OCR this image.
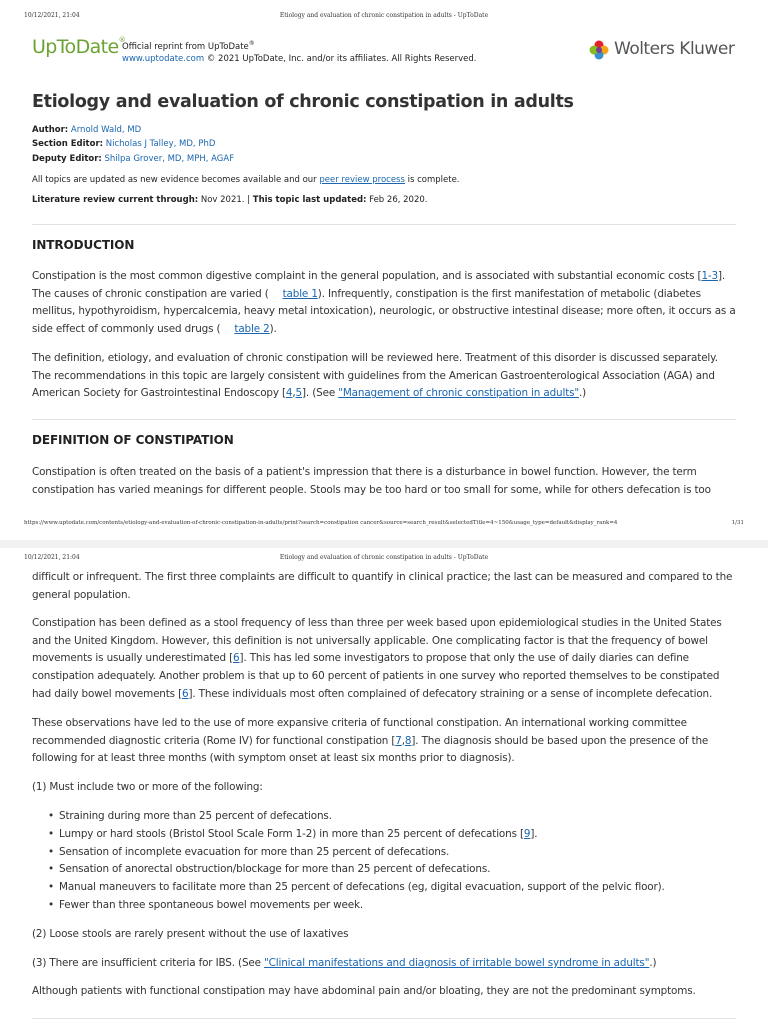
10/12/2021, 21:04	Etiology and evaluation of chronic constipation in adults - UpToDate
UpToDate®
Official reprint from UpToDate®
www.uptodate.com © 2021 UpToDate, Inc. and/or its affiliates. All Rights Reserved.	Wolters Kluwer
Etiology and evaluation of chronic constipation in adults
Author: Arnold Wald, MD
Section Editor: Nicholas J Talley, MD, PhD
Deputy Editor: Shilpa Grover, MD, MPH, AGAF
All topics are updated as new evidence becomes available and our peer review process is complete.
Literature review current through: Nov 2021. | This topic last updated: Feb 26, 2020.
INTRODUCTION
Constipation is the most common digestive complaint in the general population, and is associated with substantial economic costs [1-3]. The causes of chronic constipation are varied ( table 1). Infrequently, constipation is the first manifestation of metabolic (diabetes mellitus, hypothyroidism, hypercalcemia, heavy metal intoxication), neurologic, or obstructive intestinal disease; more often, it occurs as a side effect of commonly used drugs ( table 2).
The definition, etiology, and evaluation of chronic constipation will be reviewed here. Treatment of this disorder is discussed separately. The recommendations in this topic are largely consistent with guidelines from the American Gastroenterological Association (AGA) and American Society for Gastrointestinal Endoscopy [4,5]. (See "Management of chronic constipation in adults".)
DEFINITION OF CONSTIPATION
Constipation is often treated on the basis of a patient's impression that there is a disturbance in bowel function. However, the term constipation has varied meanings for different people. Stools may be too hard or too small for some, while for others defecation is too
https://www.uptodate.com/contents/etiology-and-evaluation-of-chronic-constipation-in-adults/print?search=constipation cancer&source=search_result&selectedTitle=4~150&usage_type=default&display_rank=4	1/31
10/12/2021, 21:04	Etiology and evaluation of chronic constipation in adults - UpToDate
difficult or infrequent. The first three complaints are difficult to quantify in clinical practice; the last can be measured and compared to the general population.
Constipation has been defined as a stool frequency of less than three per week based upon epidemiological studies in the United States and the United Kingdom. However, this definition is not universally applicable. One complicating factor is that the frequency of bowel movements is usually underestimated [6]. This has led some investigators to propose that only the use of daily diaries can define constipation adequately. Another problem is that up to 60 percent of patients in one survey who reported themselves to be constipated had daily bowel movements [6]. These individuals most often complained of defecatory straining or a sense of incomplete defecation.
These observations have led to the use of more expansive criteria of functional constipation. An international working committee recommended diagnostic criteria (Rome IV) for functional constipation [7,8]. The diagnosis should be based upon the presence of the following for at least three months (with symptom onset at least six months prior to diagnosis).
(1) Must include two or more of the following:
• Straining during more than 25 percent of defecations.
• Lumpy or hard stools (Bristol Stool Scale Form 1-2) in more than 25 percent of defecations [9].
• Sensation of incomplete evacuation for more than 25 percent of defecations.
• Sensation of anorectal obstruction/blockage for more than 25 percent of defecations.
• Manual maneuvers to facilitate more than 25 percent of defecations (eg, digital evacuation, support of the pelvic floor).
• Fewer than three spontaneous bowel movements per week.
(2) Loose stools are rarely present without the use of laxatives
(3) There are insufficient criteria for IBS. (See "Clinical manifestations and diagnosis of irritable bowel syndrome in adults".)
Although patients with functional constipation may have abdominal pain and/or bloating, they are not the predominant symptoms.
